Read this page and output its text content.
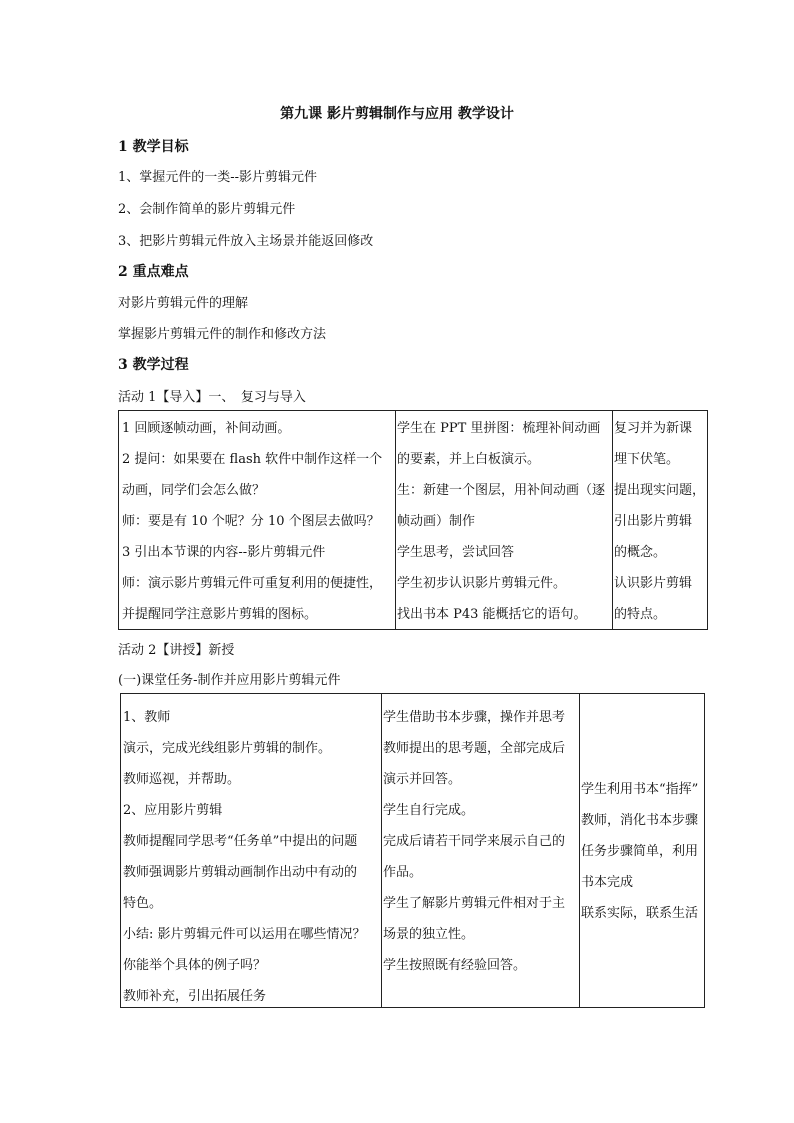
第九课 影片剪辑制作与应用 教学设计
1 教学目标
1、掌握元件的一类--影片剪辑元件
2、会制作简单的影片剪辑元件
3、把影片剪辑元件放入主场景并能返回修改
2 重点难点
对影片剪辑元件的理解
掌握影片剪辑元件的制作和修改方法
3 教学过程
活动 1【导入】一、　复习与导入
1 回顾逐帧动画，补间动画。
2 提问：如果要在 flash 软件中制作这样一个
动画，同学们会怎么做？
师：要是有 10 个呢？分 10 个图层去做吗？
3 引出本节课的内容--影片剪辑元件
师：演示影片剪辑元件可重复利用的便捷性，
并提醒同学注意影片剪辑的图标。
学生在 PPT 里拼图：梳理补间动画
的要素，并上白板演示。
生：新建一个图层，用补间动画（逐
帧动画）制作
学生思考，尝试回答
学生初步认识影片剪辑元件。
找出书本 P43 能概括它的语句。
复习并为新课
埋下伏笔。
提出现实问题，
引出影片剪辑
的概念。
认识影片剪辑
的特点。
活动 2【讲授】新授
(一)课堂任务-制作并应用影片剪辑元件
1、教师
演示，完成光线组影片剪辑的制作。
教师巡视，并帮助。
2、应用影片剪辑
教师提醒同学思考“任务单”中提出的问题
教师强调影片剪辑动画制作出动中有动的
特色。
小结: 影片剪辑元件可以运用在哪些情况？
你能举个具体的例子吗？
教师补充，引出拓展任务
学生借助书本步骤，操作并思考
教师提出的思考题，全部完成后
演示并回答。
学生自行完成。
完成后请若干同学来展示自己的
作品。
学生了解影片剪辑元件相对于主
场景的独立性。
学生按照既有经验回答。
学生利用书本“指挥”
教师，消化书本步骤
任务步骤简单，利用
书本完成
联系实际，联系生活
